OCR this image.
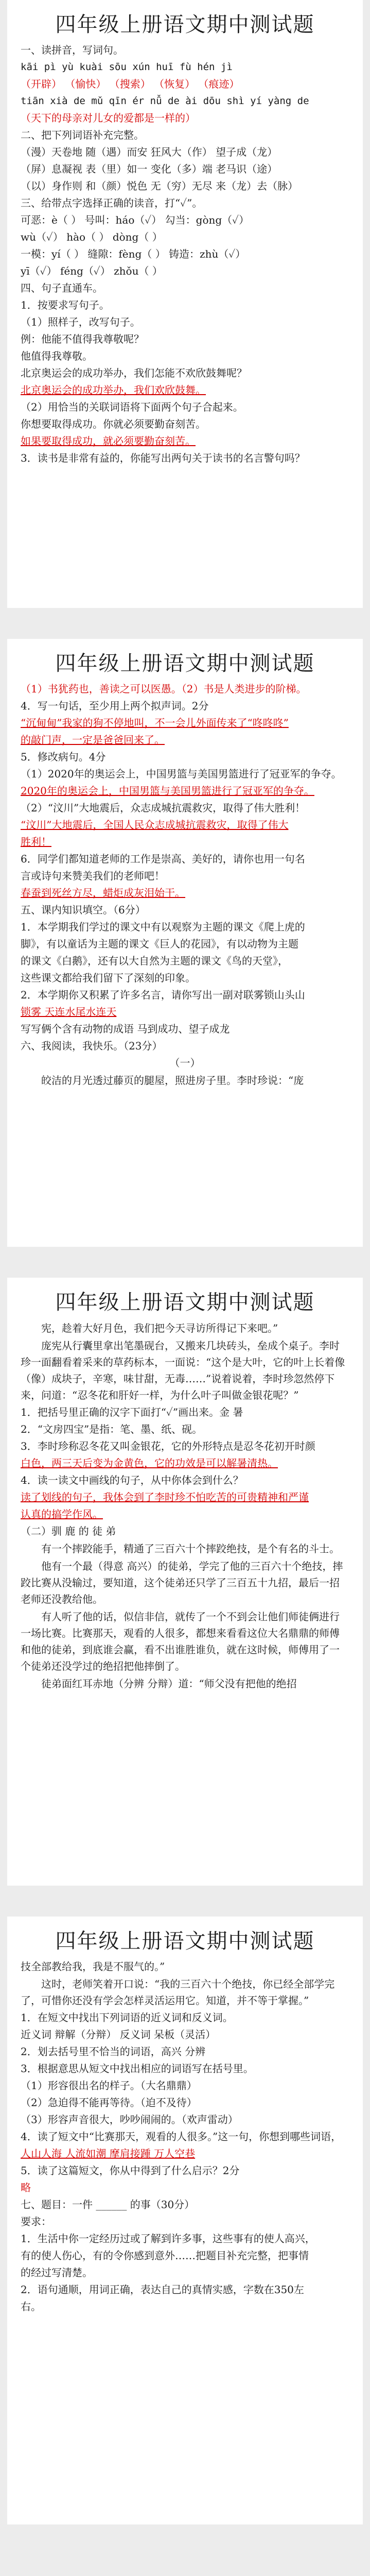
四年级上册语文期中测试题
一、读拼音，写词句。
kāi pì yù kuài sōu xún huī fù hén jì
（开辟） （愉快） （搜索） （恢复） （痕迹）
tiān xià de mǔ qīn ér nǚ de ài dōu shì yí yàng de
（天下的母亲对儿女的爱都是一样的）
二、把下列词语补充完整。
（漫）天卷地 随（遇）而安 狂风大（作） 望子成（龙）
（屏）息凝视 表（里）如一 变化（多）端 老马识（途）
（以）身作则 和（颜）悦色 无（穷）无尽 来（龙）去（脉）
三、给带点字选择正确的读音，打“✓”。
可恶：è（ ） 号叫：háo（✓） 勾当：gòng（✓）
wù（✓） hào（ ） dòng（ ）
一模：yí（ ） 缝隙：fèng（ ） 铸造：zhù（✓）
yī（✓） féng（✓） zhǒu（ ）
四、句子直通车。
1．按要求写句子。
（1）照样子，改写句子。
例：他能不值得我尊敬呢？
他值得我尊敬。
北京奥运会的成功举办，我们怎能不欢欣鼓舞呢？
北京奥运会的成功举办，我们欢欣鼓舞。
（2）用恰当的关联词语将下面两个句子合起来。
你想要取得成功。你就必须要勤奋刻苦。
如果要取得成功，就必须要勤奋刻苦。
3．读书是非常有益的，你能写出两句关于读书的名言警句吗？
四年级上册语文期中测试题
（1）书犹药也，善读之可以医愚。（2）书是人类进步的阶梯。
4．写一句话，至少用上两个拟声词。2分
“沉甸甸”我家的狗不停地叫，不一会儿外面传来了“咚咚咚”
的敲门声，一定是爸爸回来了。
5．修改病句。4分
（1）2020年的奥运会上，中国男篮与美国男篮进行了冠亚军的争夺。
2020年的奥运会上，中国男篮与美国男篮进行了冠亚军的争夺。
（2）“汶川”大地震后，众志成城抗震救灾，取得了伟大胜利！
“汶川”大地震后，全国人民众志成城抗震救灾，取得了伟大
胜利！
6．同学们都知道老师的工作是崇高、美好的，请你也用一句名
言或诗句来赞美我们的老师吧！
春蚕到死丝方尽，蜡炬成灰泪始干。
五、课内知识填空。（6分）
1．本学期我们学过的课文中有以观察为主题的课文《爬上虎的
脚》，有以童话为主题的课文《巨人的花园》，有以动物为主题
的课文《白鹅》，还有以大自然为主题的课文《鸟的天堂》，
这些课文都给我们留下了深刻的印象。
2．本学期你又积累了许多名言，请你写出一副对联雾锁山头山
锁雾 天连水尾水连天
写写俩个含有动物的成语 马到成功、望子成龙
六、我阅读，我快乐。（23分）
（一）
皎洁的月光透过藤页的腿屋，照进房子里。李时珍说：“庞
四年级上册语文期中测试题
宪，趁着大好月色，我们把今天寻访所得记下来吧。”
庞宪从行囊里拿出笔墨砚台，又搬来几块砖头，垒成个桌子。李时珍一面翻看着采来的草药标本，一面说：“这个是大叶，它的叶上长着像（像）成块子，辛寒，味甘甜，无毒……”说着说着，李时珍忽然停下来，问道：“忍冬花和肝好一样，为什么叶子叫做金银花呢？”
1．把括号里正确的汉字下面打“✓”画出来。金 暑
2．“文房四宝”是指：笔、墨、纸、砚。
3．李时珍称忍冬花又叫金银花，它的外形特点是忍冬花初开时颜
白色，两三天后变为金黄色，它的功效是可以解暑清热。
4．读一读文中画线的句子，从中你体会到什么？
读了划线的句子，我体会到了李时珍不怕吃苦的可贵精神和严谨
认真的搞学作风。
（二）驯 鹿 的 徒 弟
有一个摔跤能手，精通了三百六十个摔跤绝技，是个有名的斗士。
他有一个最（得意 高兴）的徒弟，学完了他的三百六十个绝技，摔跤比赛从没输过，要知道，这个徒弟还只学了三百五十九招，最后一招老师还没教给他。
有人听了他的话，似信非信，就传了一个不到会让他们师徒俩进行一场比赛。比赛那天，观看的人很多，都想来看看这位大名鼎鼎的师傅和他的徒弟，到底谁会赢，看不出谁胜谁负，就在这时候，师傅用了一个徒弟还没学过的绝招把他摔倒了。
徒弟面红耳赤地（分辨 分辩）道：“师父没有把他的绝招
四年级上册语文期中测试题
技全部教给我，我是不服气的。”
这时，老师笑着开口说：“我的三百六十个绝技，你已经全部学完了，可惜你还没有学会怎样灵活运用它。知道，并不等于掌握。”
1．在短文中找出下列词语的近义词和反义词。
近义词 辩解（分辩） 反义词 呆板（灵活）
2．划去括号里不恰当的词语，高兴 分辨
3．根据意思从短文中找出相应的词语写在括号里。
（1）形容很出名的样子。（大名鼎鼎）
（2）急迫得不能再等待。（迫不及待）
（3）形容声音很大，吵吵闹闹的。（欢声雷动）
4．读了短文中“比赛那天，观看的人很多。”这一句，你想到哪些词语，
人山人海 人流如潮 摩肩接踵 万人空巷
5．读了这篇短文，你从中得到了什么启示？2分
略
七、题目：一件 ______ 的事（30分）
要求：
1．生活中你一定经历过或了解到许多事，这些事有的使人高兴，
有的使人伤心，有的令你感到意外……把题目补充完整，把事情
的经过写清楚。
2．语句通顺，用词正确，表达自己的真情实感，字数在350左
右。
